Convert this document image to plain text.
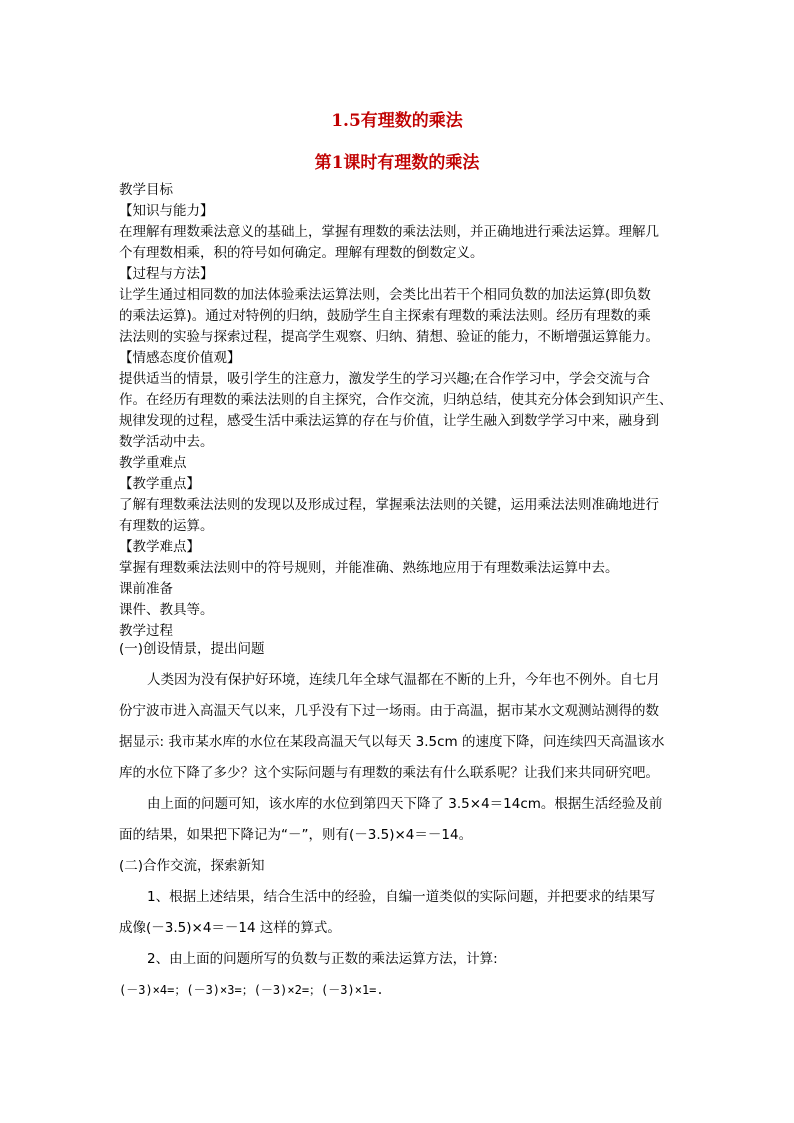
1.5有理数的乘法
第1课时有理数的乘法
教学目标
【知识与能力】
在理解有理数乘法意义的基础上，掌握有理数的乘法法则，并正确地进行乘法运算。理解几
个有理数相乘，积的符号如何确定。理解有理数的倒数定义。
【过程与方法】
让学生通过相同数的加法体验乘法运算法则，会类比出若干个相同负数的加法运算(即负数
的乘法运算)。通过对特例的归纳，鼓励学生自主探索有理数的乘法法则。经历有理数的乘
法法则的实验与探索过程，提高学生观察、归纳、猜想、验证的能力，不断增强运算能力。
【情感态度价值观】
提供适当的情景，吸引学生的注意力，激发学生的学习兴趣;在合作学习中，学会交流与合
作。在经历有理数的乘法法则的自主探究，合作交流，归纳总结，使其充分体会到知识产生、
规律发现的过程，感受生活中乘法运算的存在与价值，让学生融入到数学学习中来，融身到
数学活动中去。
教学重难点
【教学重点】
了解有理数乘法法则的发现以及形成过程，掌握乘法法则的关键，运用乘法法则准确地进行
有理数的运算。
【教学难点】
掌握有理数乘法法则中的符号规则，并能准确、熟练地应用于有理数乘法运算中去。
课前准备
课件、教具等。
教学过程

(一)创设情景，提出问题

人类因为没有保护好环境，连续几年全球气温都在不断的上升，今年也不例外。自七月

份宁波市进入高温天气以来，几乎没有下过一场雨。由于高温，据市某水文观测站测得的数

据显示: 我市某水库的水位在某段高温天气以每天 3.5cm 的速度下降，问连续四天高温该水

库的水位下降了多少？这个实际问题与有理数的乘法有什么联系呢？让我们来共同研究吧。

由上面的问题可知，该水库的水位到第四天下降了 3.5×4＝14cm。根据生活经验及前

面的结果，如果把下降记为“－”，则有(－3.5)×4＝－14。

(二)合作交流，探索新知

1、根据上述结果，结合生活中的经验，自编一道类似的实际问题，并把要求的结果写

成像(－3.5)×4＝－14 这样的算式。

2、由上面的问题所写的负数与正数的乘法运算方法，计算:

(－3)×4=；(－3)×3=；(－3)×2=；(－3)×1=.
